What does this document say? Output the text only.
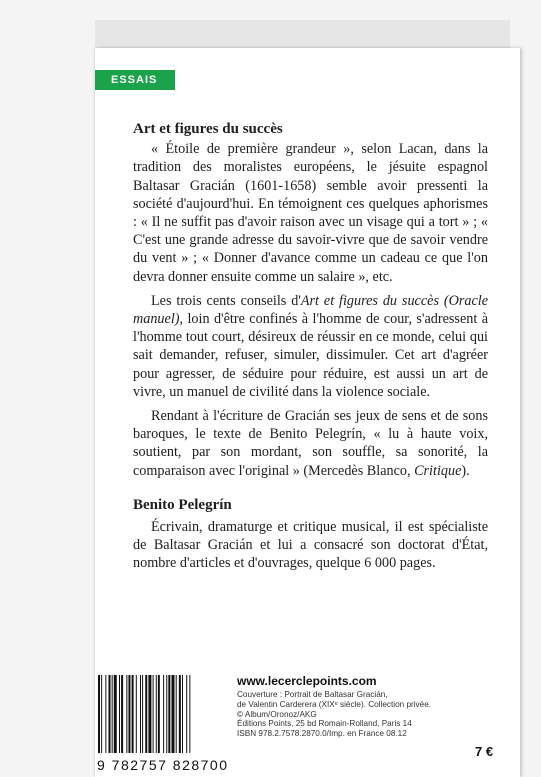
ESSAIS
Art et figures du succès

« Étoile de première grandeur », selon Lacan, dans la tradition des moralistes européens, le jésuite espagnol Baltasar Gracián (1601-1658) semble avoir pressenti la société d'aujourd'hui. En témoignent ces quelques aphorismes : « Il ne suffit pas d'avoir raison avec un visage qui a tort » ; « C'est une grande adresse du savoir-vivre que de savoir vendre du vent » ; « Donner d'avance comme un cadeau ce que l'on devra donner ensuite comme un salaire », etc.

Les trois cents conseils d'Art et figures du succès (Oracle manuel), loin d'être confinés à l'homme de cour, s'adressent à l'homme tout court, désireux de réussir en ce monde, celui qui sait demander, refuser, simuler, dissimuler. Cet art d'agréer pour agresser, de séduire pour réduire, est aussi un art de vivre, un manuel de civilité dans la violence sociale.

Rendant à l'écriture de Gracián ses jeux de sens et de sons baroques, le texte de Benito Pelegrín, « lu à haute voix, soutient, par son mordant, son souffle, sa sonorité, la comparaison avec l'original » (Mercedès Blanco, Critique).

Benito Pelegrín

Écrivain, dramaturge et critique musical, il est spécialiste de Baltasar Gracián et lui a consacré son doctorat d'État, nombre d'articles et d'ouvrages, quelque 6 000 pages.

9 782757 828700
www.lecerclepoints.com
Couverture : Portrait de Baltasar Gracián,
de Valentin Carderera (XIXᵉ siècle). Collection privée.
© Album/Oronoz/AKG
Éditions Points, 25 bd Romain-Rolland, Paris 14
ISBN 978.2.7578.2870.0/Imp. en France 08.12
7 €
